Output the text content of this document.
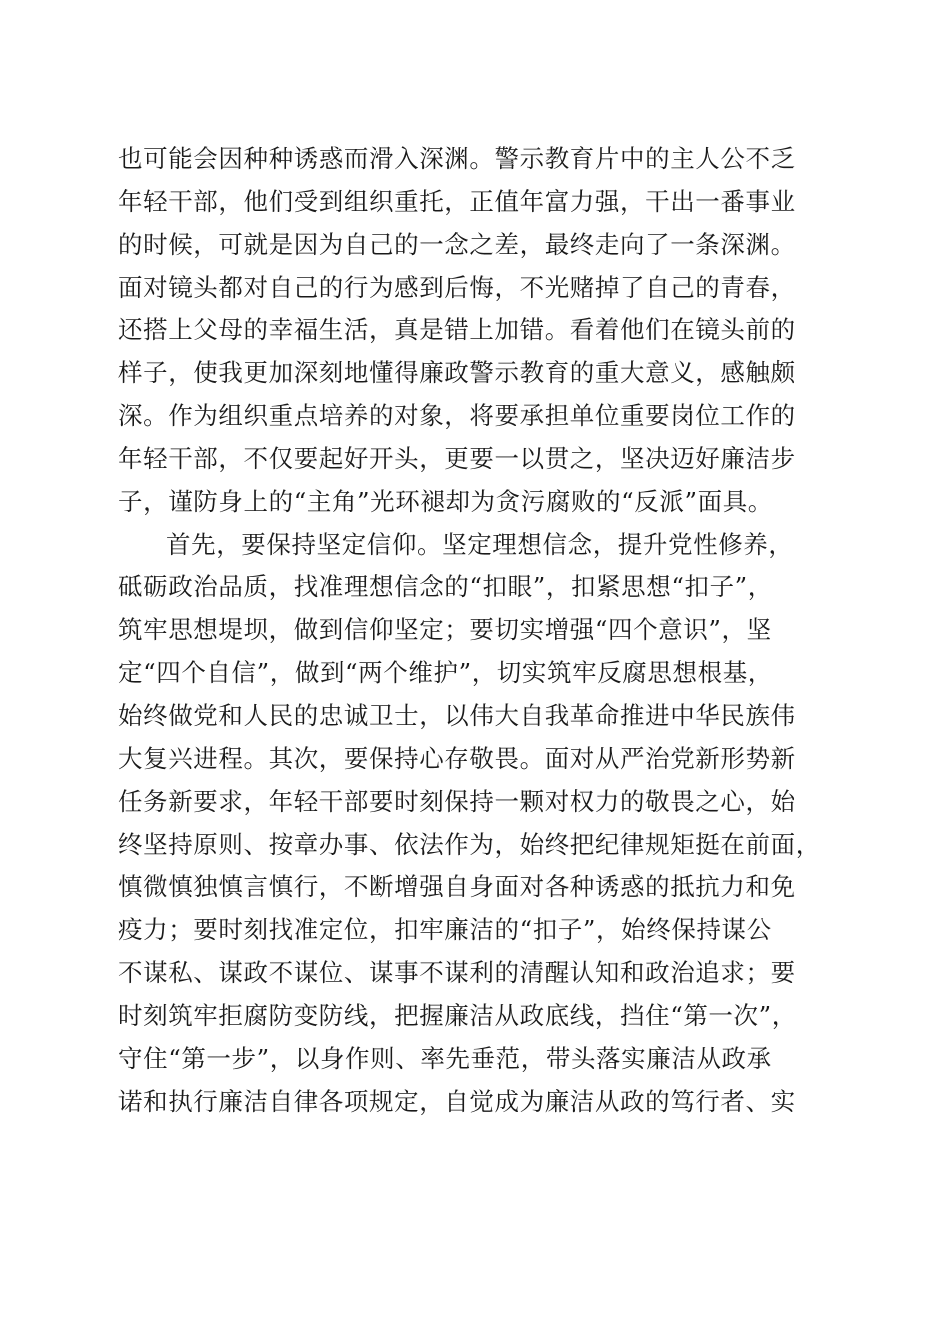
也可能会因种种诱惑而滑入深渊。警示教育片中的主人公不乏
年轻干部，他们受到组织重托，正值年富力强，干出一番事业
的时候，可就是因为自己的一念之差，最终走向了一条深渊。
面对镜头都对自己的行为感到后悔，不光赌掉了自己的青春，
还搭上父母的幸福生活，真是错上加错。看着他们在镜头前的
样子，使我更加深刻地懂得廉政警示教育的重大意义，感触颇
深。作为组织重点培养的对象，将要承担单位重要岗位工作的
年轻干部，不仅要起好开头，更要一以贯之，坚决迈好廉洁步
子，谨防身上的“主角”光环褪却为贪污腐败的“反派”面具。
首先，要保持坚定信仰。坚定理想信念，提升党性修养，
砥砺政治品质，找准理想信念的“扣眼”，扣紧思想“扣子”，
筑牢思想堤坝，做到信仰坚定；要切实增强“四个意识”，坚
定“四个自信”，做到“两个维护”，切实筑牢反腐思想根基，
始终做党和人民的忠诚卫士，以伟大自我革命推进中华民族伟
大复兴进程。其次，要保持心存敬畏。面对从严治党新形势新
任务新要求，年轻干部要时刻保持一颗对权力的敬畏之心，始
终坚持原则、按章办事、依法作为，始终把纪律规矩挺在前面，
慎微慎独慎言慎行，不断增强自身面对各种诱惑的抵抗力和免
疫力；要时刻找准定位，扣牢廉洁的“扣子”，始终保持谋公
不谋私、谋政不谋位、谋事不谋利的清醒认知和政治追求；要
时刻筑牢拒腐防变防线，把握廉洁从政底线，挡住“第一次”，
守住“第一步”，以身作则、率先垂范，带头落实廉洁从政承
诺和执行廉洁自律各项规定，自觉成为廉洁从政的笃行者、实
